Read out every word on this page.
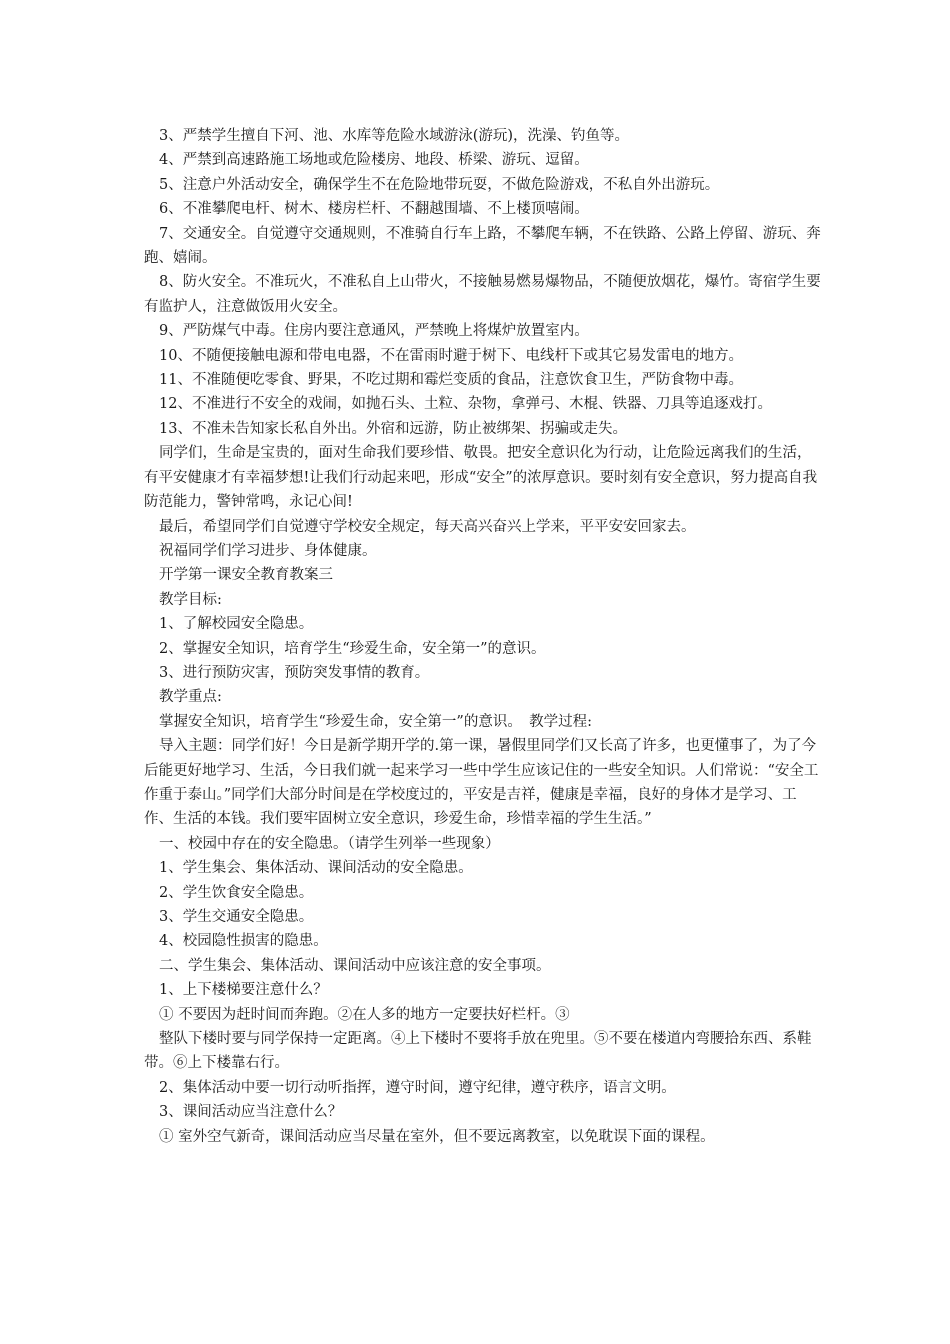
3、严禁学生擅自下河、池、水库等危险水域游泳(游玩)，洗澡、钓鱼等。

4、严禁到高速路施工场地或危险楼房、地段、桥梁、游玩、逗留。

5、注意户外活动安全，确保学生不在危险地带玩耍，不做危险游戏，不私自外出游玩。

6、不准攀爬电杆、树木、楼房栏杆、不翻越围墙、不上楼顶嘻闹。

7、交通安全。自觉遵守交通规则，不准骑自行车上路，不攀爬车辆，不在铁路、公路上停留、游玩、奔跑、嬉闹。

8、防火安全。不准玩火，不准私自上山带火，不接触易燃易爆物品，不随便放烟花，爆竹。寄宿学生要有监护人，注意做饭用火安全。

9、严防煤气中毒。住房内要注意通风，严禁晚上将煤炉放置室内。

10、不随便接触电源和带电电器，不在雷雨时避于树下、电线杆下或其它易发雷电的地方。

11、不准随便吃零食、野果，不吃过期和霉烂变质的食品，注意饮食卫生，严防食物中毒。

12、不准进行不安全的戏闹，如抛石头、土粒、杂物，拿弹弓、木棍、铁器、刀具等追逐戏打。

13、不准未告知家长私自外出。外宿和远游，防止被绑架、拐骗或走失。

同学们，生命是宝贵的，面对生命我们要珍惜、敬畏。把安全意识化为行动，让危险远离我们的生活，有平安健康才有幸福梦想!让我们行动起来吧，形成“安全”的浓厚意识。要时刻有安全意识，努力提高自我防范能力，警钟常鸣，永记心间!

最后，希望同学们自觉遵守学校安全规定，每天高兴奋兴上学来，平平安安回家去。

祝福同学们学习进步、身体健康。

开学第一课安全教育教案三

教学目标:

1、了解校园安全隐患。

2、掌握安全知识，培育学生“珍爱生命，安全第一”的意识。

3、进行预防灾害，预防突发事情的教育。

教学重点:

掌握安全知识，培育学生“珍爱生命，安全第一”的意识。　教学过程:

导入主题：同学们好！今日是新学期开学的.第一课，暑假里同学们又长高了许多，也更懂事了，为了今后能更好地学习、生活，今日我们就一起来学习一些中学生应该记住的一些安全知识。人们常说：“安全工作重于泰山。”同学们大部分时间是在学校度过的，平安是吉祥，健康是幸福，良好的身体才是学习、工作、生活的本钱。我们要牢固树立安全意识，珍爱生命，珍惜幸福的学生生活。”

一、校园中存在的安全隐患。（请学生列举一些现象）

1、学生集会、集体活动、课间活动的安全隐患。

2、学生饮食安全隐患。

3、学生交通安全隐患。

4、校园隐性损害的隐患。

二、学生集会、集体活动、课间活动中应该注意的安全事项。

1、上下楼梯要注意什么？

① 不要因为赶时间而奔跑。②在人多的地方一定要扶好栏杆。③

整队下楼时要与同学保持一定距离。④上下楼时不要将手放在兜里。⑤不要在楼道内弯腰拾东西、系鞋带。⑥上下楼靠右行。

2、集体活动中要一切行动听指挥，遵守时间，遵守纪律，遵守秩序，语言文明。

3、课间活动应当注意什么？

① 室外空气新奇，课间活动应当尽量在室外，但不要远离教室，以免耽误下面的课程。
